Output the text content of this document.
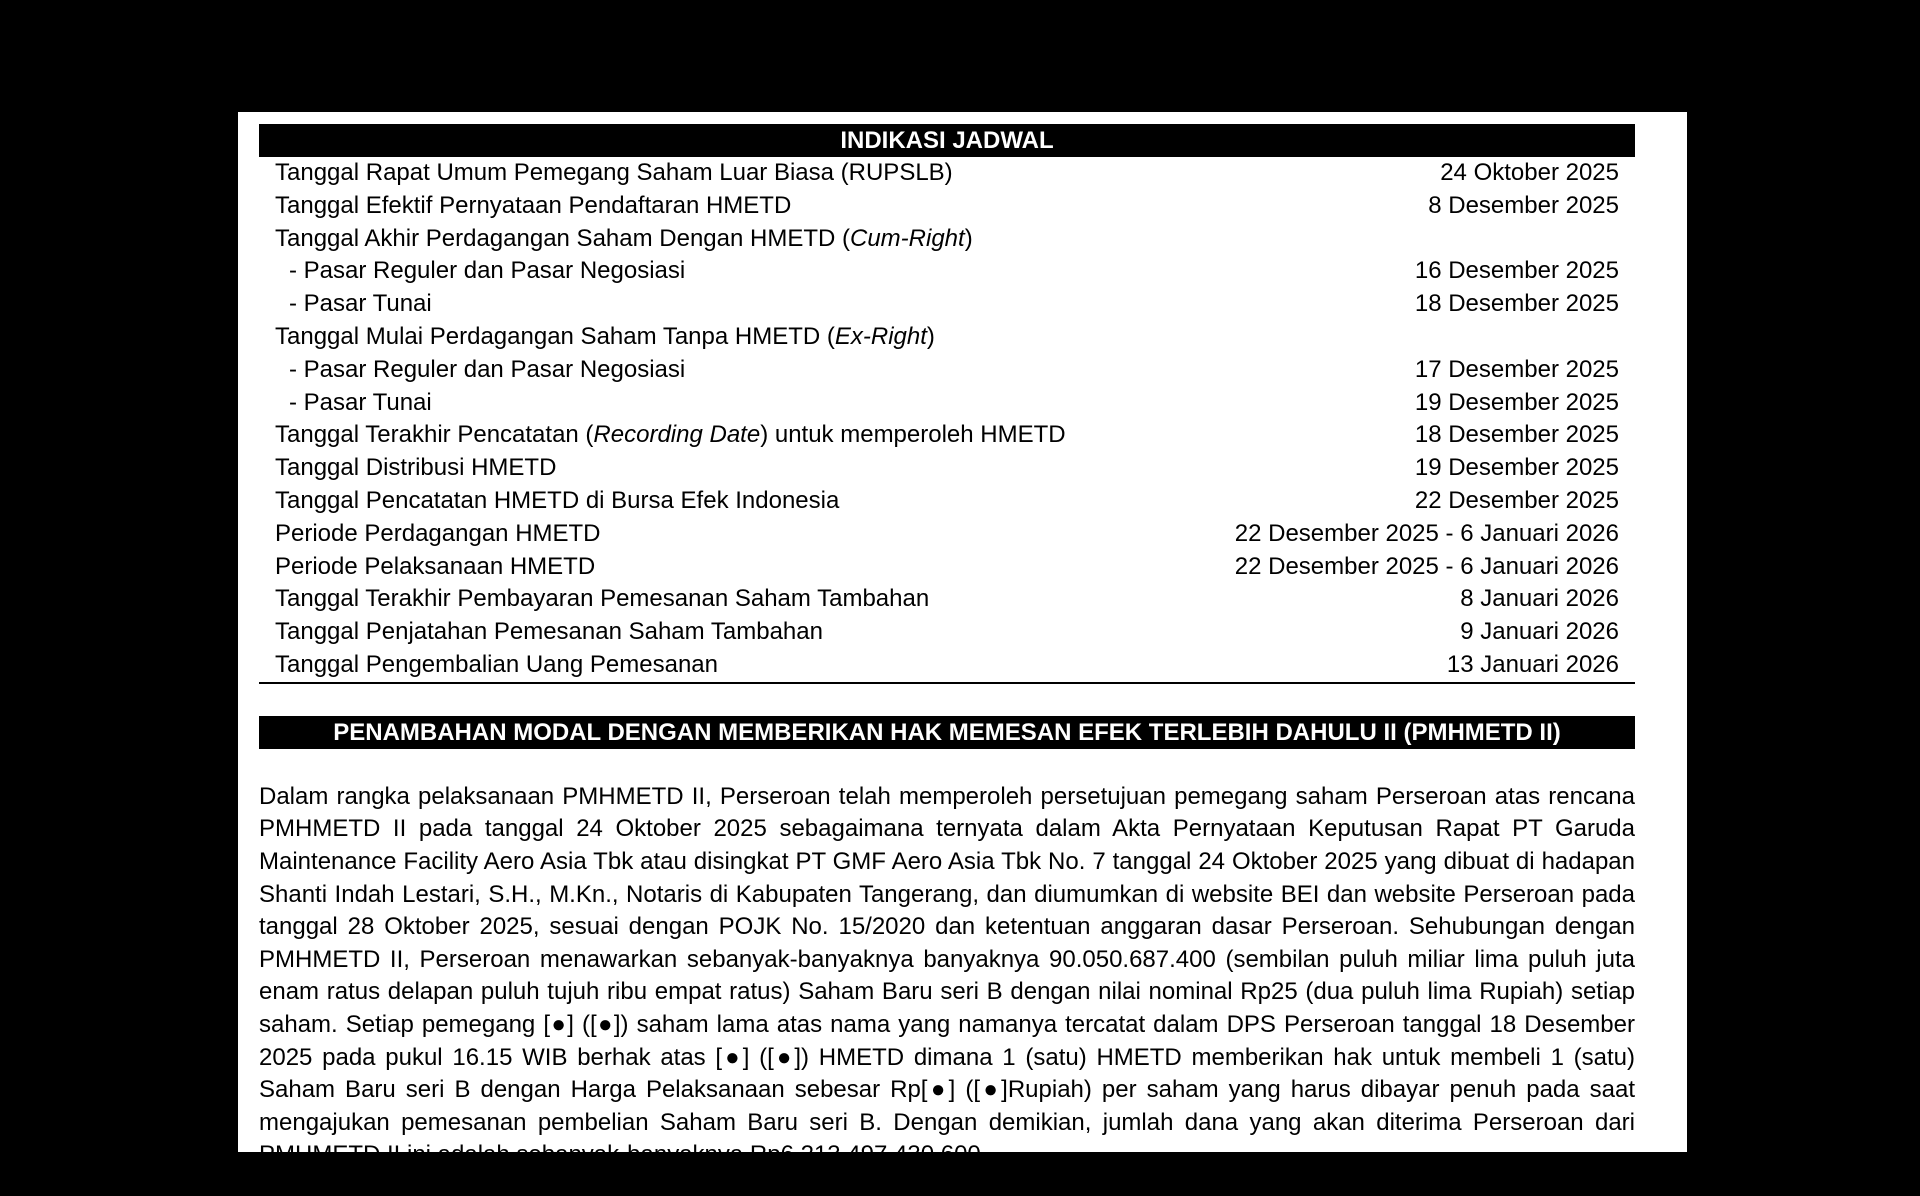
INDIKASI JADWAL
Tanggal Rapat Umum Pemegang Saham Luar Biasa (RUPSLB)	24 Oktober 2025
Tanggal Efektif Pernyataan Pendaftaran HMETD	8 Desember 2025
Tanggal Akhir Perdagangan Saham Dengan HMETD (Cum-Right)
- Pasar Reguler dan Pasar Negosiasi	16 Desember 2025
- Pasar Tunai	18 Desember 2025
Tanggal Mulai Perdagangan Saham Tanpa HMETD (Ex-Right)
- Pasar Reguler dan Pasar Negosiasi	17 Desember 2025
- Pasar Tunai	19 Desember 2025
Tanggal Terakhir Pencatatan (Recording Date) untuk memperoleh HMETD	18 Desember 2025
Tanggal Distribusi HMETD	19 Desember 2025
Tanggal Pencatatan HMETD di Bursa Efek Indonesia	22 Desember 2025
Periode Perdagangan HMETD	22 Desember 2025 - 6 Januari 2026
Periode Pelaksanaan HMETD	22 Desember 2025 - 6 Januari 2026
Tanggal Terakhir Pembayaran Pemesanan Saham Tambahan	8 Januari 2026
Tanggal Penjatahan Pemesanan Saham Tambahan	9 Januari 2026
Tanggal Pengembalian Uang Pemesanan	13 Januari 2026
PENAMBAHAN MODAL DENGAN MEMBERIKAN HAK MEMESAN EFEK TERLEBIH DAHULU II (PMHMETD II)

Dalam rangka pelaksanaan PMHMETD II, Perseroan telah memperoleh persetujuan pemegang saham Perseroan atas rencana PMHMETD II pada tanggal 24 Oktober 2025 sebagaimana ternyata dalam Akta Pernyataan Keputusan Rapat PT Garuda Maintenance Facility Aero Asia Tbk atau disingkat PT GMF Aero Asia Tbk No. 7 tanggal 24 Oktober 2025 yang dibuat di hadapan Shanti Indah Lestari, S.H., M.Kn., Notaris di Kabupaten Tangerang, dan diumumkan di website BEI dan website Perseroan pada tanggal 28 Oktober 2025, sesuai dengan POJK No. 15/2020 dan ketentuan anggaran dasar Perseroan. Sehubungan dengan PMHMETD II, Perseroan menawarkan sebanyak-banyaknya banyaknya 90.050.687.400 (sembilan puluh miliar lima puluh juta enam ratus delapan puluh tujuh ribu empat ratus) Saham Baru seri B dengan nilai nominal Rp25 (dua puluh lima Rupiah) setiap saham. Setiap pemegang [●] ([●]) saham lama atas nama yang namanya tercatat dalam DPS Perseroan tanggal 18 Desember 2025 pada pukul 16.15 WIB berhak atas [●] ([●]) HMETD dimana 1 (satu) HMETD memberikan hak untuk membeli 1 (satu) Saham Baru seri B dengan Harga Pelaksanaan sebesar Rp[●] ([●]Rupiah) per saham yang harus dibayar penuh pada saat mengajukan pemesanan pembelian Saham Baru seri B. Dengan demikian, jumlah dana yang akan diterima Perseroan dari PMHMETD II ini adalah sebanyak-banyaknya Rp6.213.497.430.600
